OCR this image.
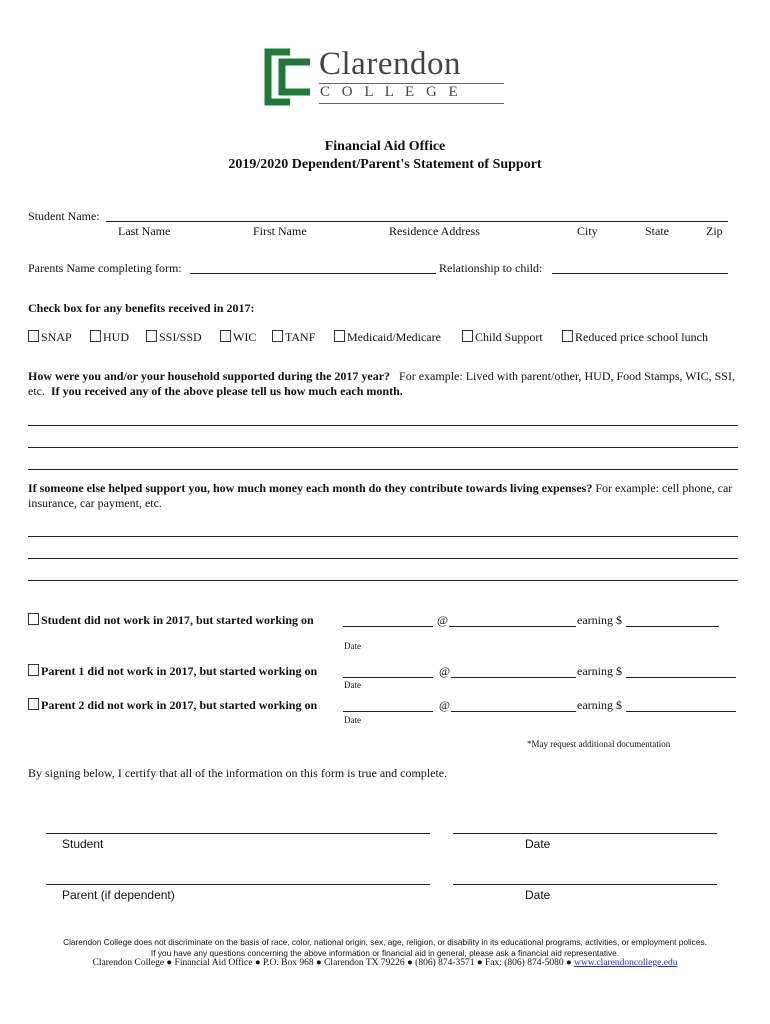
Clarendon
C O L L E G E
Financial Aid Office
2019/2020 Dependent/Parent's Statement of Support
Student Name:
Last Name	First Name	Residence Address	City	State	Zip
Parents Name completing form:	Relationship to child:
Check box for any benefits received in 2017:
SNAP	HUD	SSI/SSD	WIC	TANF	Medicaid/Medicare	Child Support	Reduced price school lunch
How were you and/or your household supported during the 2017 year? For example: Lived with parent/other, HUD, Food Stamps, WIC, SSI, etc. If you received any of the above please tell us how much each month.
If someone else helped support you, how much money each month do they contribute towards living expenses? For example: cell phone, car insurance, car payment, etc.
Student did not work in 2017, but started working on	@	earning $
Date
Parent 1 did not work in 2017, but started working on	@	earning $
Date
Parent 2 did not work in 2017, but started working on	@	earning $
Date
*May request additional documentation
By signing below, I certify that all of the information on this form is true and complete.
Student	Date
Parent (if dependent)	Date
Clarendon College does not discriminate on the basis of race, color, national origin, sex, age, religion, or disability in its educational programs, activities, or employment polices.
If you have any questions concerning the above information or financial aid in general, please ask a financial aid representative.
Clarendon College ● Financial Aid Office ● P.O. Box 968 ● Clarendon TX 79226 ● (806) 874-3571 ● Fax: (806) 874-5080 ● www.clarendoncollege.edu
